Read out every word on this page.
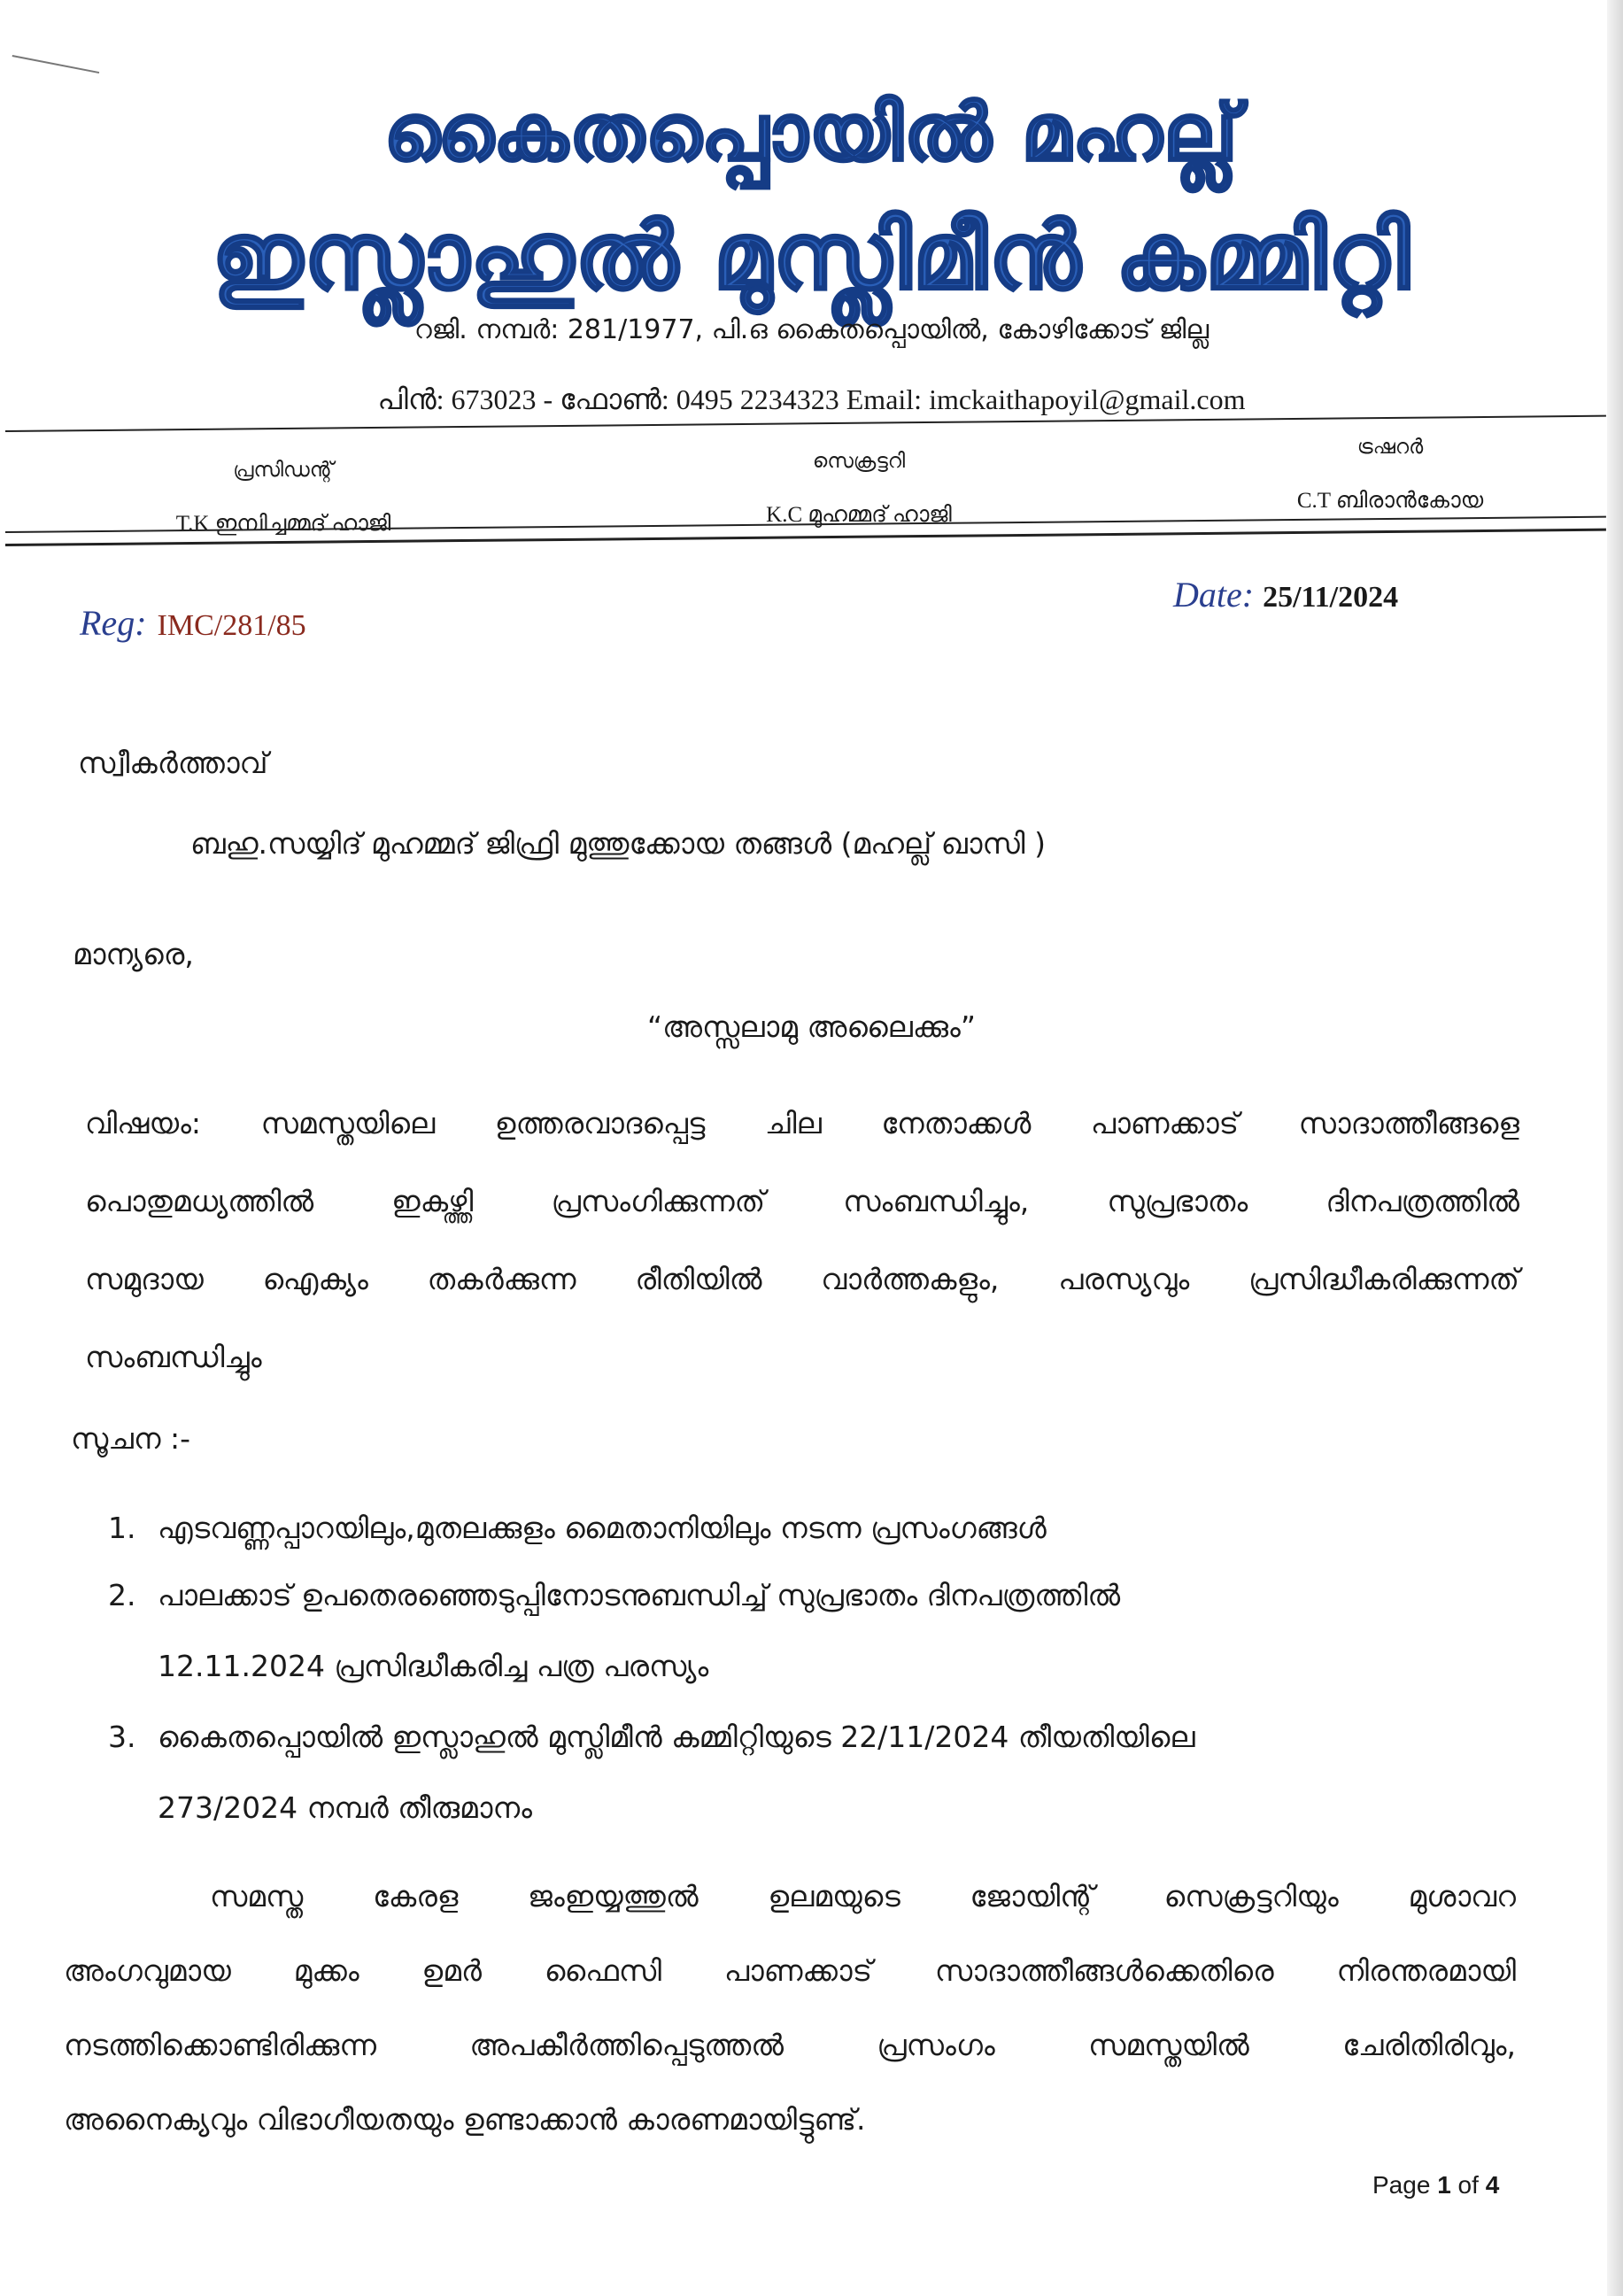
കൈതപ്പൊയിൽ മഹല്ല്
ഇസ്ലാഹുൽ മുസ്ലിമീൻ കമ്മിറ്റി
റജി. നമ്പർ: 281/1977, പി.ഒ കൈതപ്പൊയിൽ, കോഴിക്കോട് ജില്ല
പിൻ: 673023 - ഫോൺ: 0495 2234323 Email: imckaithapoyil@gmail.com
പ്രസിഡന്റ്
T.K ഇമ്പിച്ചമ്മദ് ഹാജി
സെക്രട്ടറി
K.C മുഹമ്മദ് ഹാജി
ട്രഷറർ
C.T ബിരാൻകോയ
Reg: IMC/281/85
Date: 25/11/2024
സ്വീകർത്താവ്
ബഹു.സയ്യിദ് മുഹമ്മദ് ജിഫ്രി മുത്തുക്കോയ തങ്ങൾ (മഹല്ല് ഖാസി )
മാന്യരെ,
“അസ്സലാമു അലൈക്കും”
വിഷയം: സമസ്തയിലെ ഉത്തരവാദപ്പെട്ട ചില നേതാക്കൾ പാണക്കാട് സാദാത്തീങ്ങളെ
പൊതുമധ്യത്തിൽ ഇകഴ്ത്തി പ്രസംഗിക്കുന്നത് സംബന്ധിച്ചും, സുപ്രഭാതം ദിനപത്രത്തിൽ
സമുദായ ഐക്യം തകർക്കുന്ന രീതിയിൽ വാർത്തകളും, പരസ്യവും പ്രസിദ്ധീകരിക്കുന്നത്
സംബന്ധിച്ചും
സൂചന :-
1. എടവണ്ണപ്പാറയിലും,മുതലക്കുളം മൈതാനിയിലും നടന്ന പ്രസംഗങ്ങൾ
2. പാലക്കാട് ഉപതെരഞ്ഞെടുപ്പിനോടനുബന്ധിച്ച് സുപ്രഭാതം ദിനപത്രത്തിൽ
12.11.2024 പ്രസിദ്ധീകരിച്ച പത്ര പരസ്യം
3. കൈതപ്പൊയിൽ ഇസ്ലാഹുൽ മുസ്ലിമീൻ കമ്മിറ്റിയുടെ 22/11/2024 തീയതിയിലെ
273/2024 നമ്പർ തീരുമാനം
സമസ്ത കേരള ജംഇയ്യത്തുൽ ഉലമയുടെ ജോയിന്റ് സെക്രട്ടറിയും മുശാവറ
അംഗവുമായ മുക്കം ഉമർ ഫൈസി പാണക്കാട് സാദാത്തീങ്ങൾക്കെതിരെ നിരന്തരമായി
നടത്തിക്കൊണ്ടിരിക്കുന്ന അപകീർത്തിപ്പെടുത്തൽ പ്രസംഗം സമസ്തയിൽ ചേരിതിരിവും,
അനൈക്യവും വിഭാഗീയതയും ഉണ്ടാക്കാൻ കാരണമായിട്ടുണ്ട്.
Page 1 of 4
